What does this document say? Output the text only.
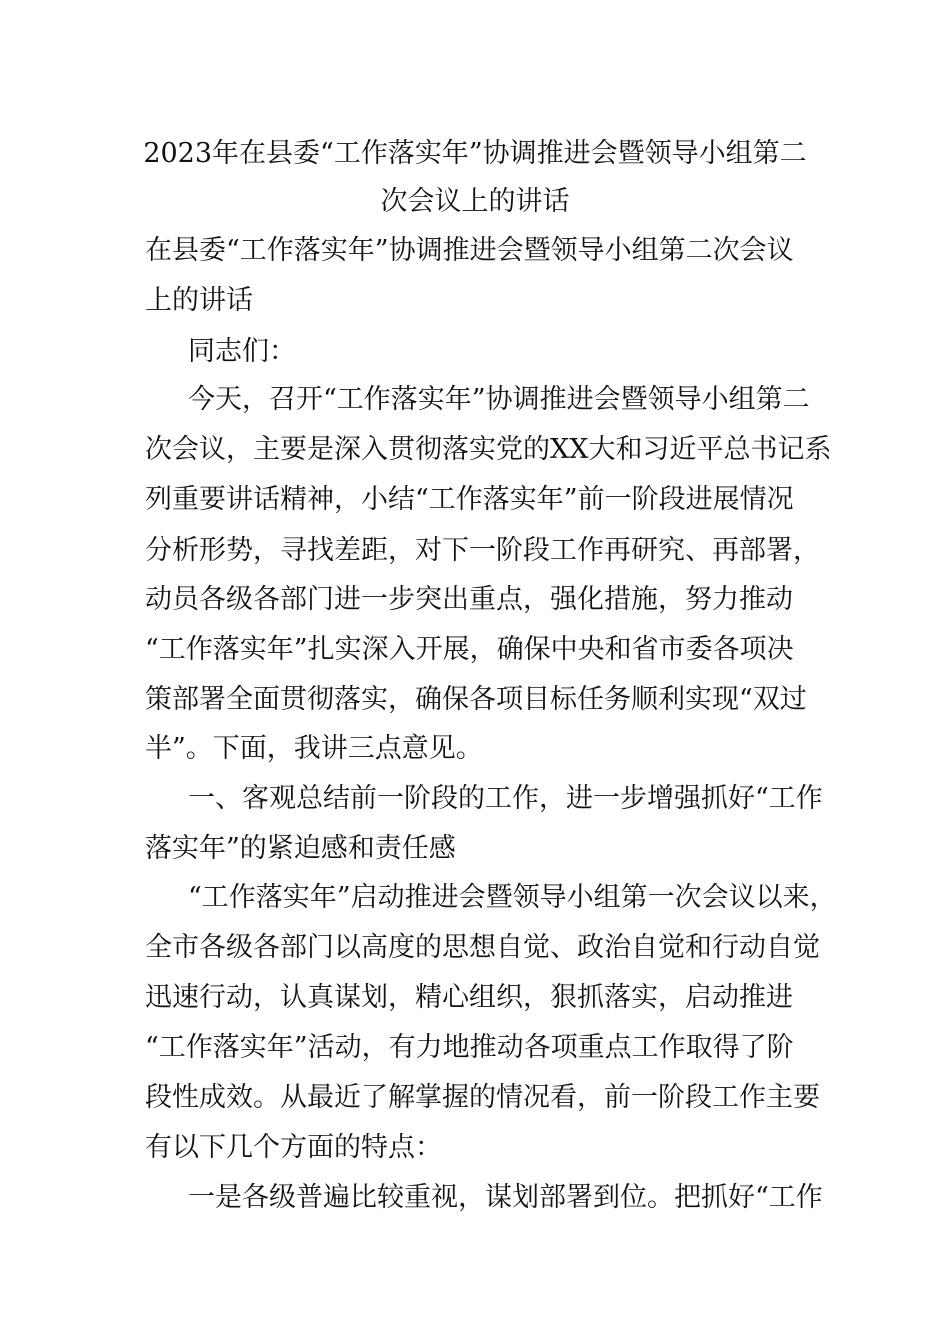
2023年在县委“工作落实年”协调推进会暨领导小组第二
次会议上的讲话
在县委“工作落实年”协调推进会暨领导小组第二次会议
上的讲话
同志们：
今天，召开“工作落实年”协调推进会暨领导小组第二
次会议，主要是深入贯彻落实党的XX大和习近平总书记系
列重要讲话精神，小结“工作落实年”前一阶段进展情况
分析形势，寻找差距，对下一阶段工作再研究、再部署，
动员各级各部门进一步突出重点，强化措施，努力推动
“工作落实年”扎实深入开展，确保中央和省市委各项决
策部署全面贯彻落实，确保各项目标任务顺利实现“双过
半”。下面，我讲三点意见。
一、客观总结前一阶段的工作，进一步增强抓好“工作
落实年”的紧迫感和责任感
“工作落实年”启动推进会暨领导小组第一次会议以来，
全市各级各部门以高度的思想自觉、政治自觉和行动自觉
迅速行动，认真谋划，精心组织，狠抓落实，启动推进
“工作落实年”活动，有力地推动各项重点工作取得了阶
段性成效。从最近了解掌握的情况看，前一阶段工作主要
有以下几个方面的特点：
一是各级普遍比较重视，谋划部署到位。把抓好“工作
